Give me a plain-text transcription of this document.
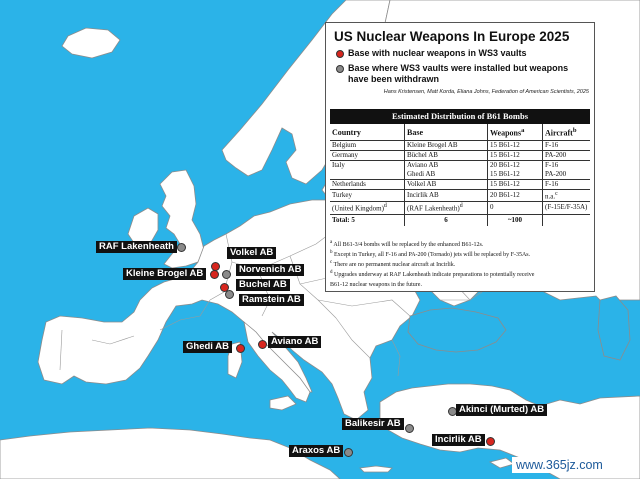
RAF Lakenheath
Volkel AB
Kleine Brogel AB	Norvenich AB
Buchel AB
Ramstein AB
Ghedi AB	Aviano AB
Akinci (Murted) AB
Balikesir AB
Incirlik AB
Araxos AB
US Nuclear Weapons In Europe 2025
Base with nuclear weapons in WS3 vaults
Base where WS3 vaults were installed but weapons have been withdrawn
Hans Kristensen, Matt Korda, Eliana Johns, Federation of American Scientists, 2025
Estimated Distribution of B61 Bombs
Country	Base	Weapons$^a$	Aircraft$^b$
Belgium	Kleine Brogel AB	15 B61-12	F-16
Germany	Büchel AB	15 B61-12	PA-200
Italy	Aviano AB	20 B61-12	F-16
	Ghedi AB	15 B61-12	PA-200
Netherlands	Volkel AB	15 B61-12	F-16
Turkey	Incirlik AB	20 B61-12	n.a.$^c$
(United Kingdom)$^d$	(RAF Lakenheath)$^d$	0	(F-15E/F-35A)
Total: 5	6	~100	
$^a$ All B61-3/4 bombs will be replaced by the enhanced B61-12s.
$^b$ Except in Turkey, all F-16 and PA-200 (Tornado) jets will be replaced by F-35As.
$^c$ There are no permanent nuclear aircraft at Incirlik.
$^d$ Upgrades underway at RAF Lakenheath indicate preparations to potentially receive
B61-12 nuclear weapons in the future.
www.365jz.com
